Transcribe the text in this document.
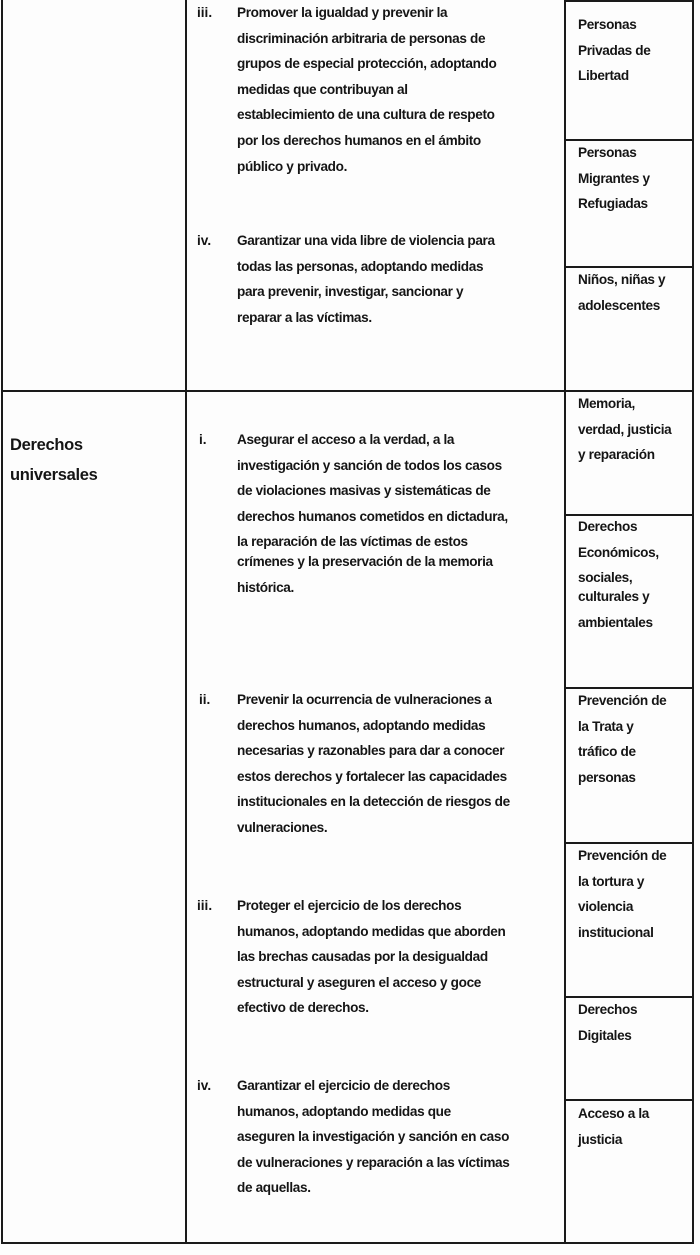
iii. Promover la igualdad y prevenir la
discriminación arbitraria de personas de
grupos de especial protección, adoptando
medidas que contribuyan al
establecimiento de una cultura de respeto
por los derechos humanos en el ámbito
público y privado.
iv. Garantizar una vida libre de violencia para
todas las personas, adoptando medidas
para prevenir, investigar, sancionar y
reparar a las víctimas.
Personas
Privadas de
Libertad
Personas
Migrantes y
Refugiadas
Niños, niñas y
adolescentes
Derechos
universales
i. Asegurar el acceso a la verdad, a la
investigación y sanción de todos los casos
de violaciones masivas y sistemáticas de
derechos humanos cometidos en dictadura,
la reparación de las víctimas de estos
crímenes y la preservación de la memoria
histórica.
ii. Prevenir la ocurrencia de vulneraciones a
derechos humanos, adoptando medidas
necesarias y razonables para dar a conocer
estos derechos y fortalecer las capacidades
institucionales en la detección de riesgos de
vulneraciones.
iii. Proteger el ejercicio de los derechos
humanos, adoptando medidas que aborden
las brechas causadas por la desigualdad
estructural y aseguren el acceso y goce
efectivo de derechos.
iv. Garantizar el ejercicio de derechos
humanos, adoptando medidas que
aseguren la investigación y sanción en caso
de vulneraciones y reparación a las víctimas
de aquellas.
Memoria,
verdad, justicia
y reparación
Derechos
Económicos,
sociales,
culturales y
ambientales
Prevención de
la Trata y
tráfico de
personas
Prevención de
la tortura y
violencia
institucional
Derechos
Digitales
Acceso a la
justicia
